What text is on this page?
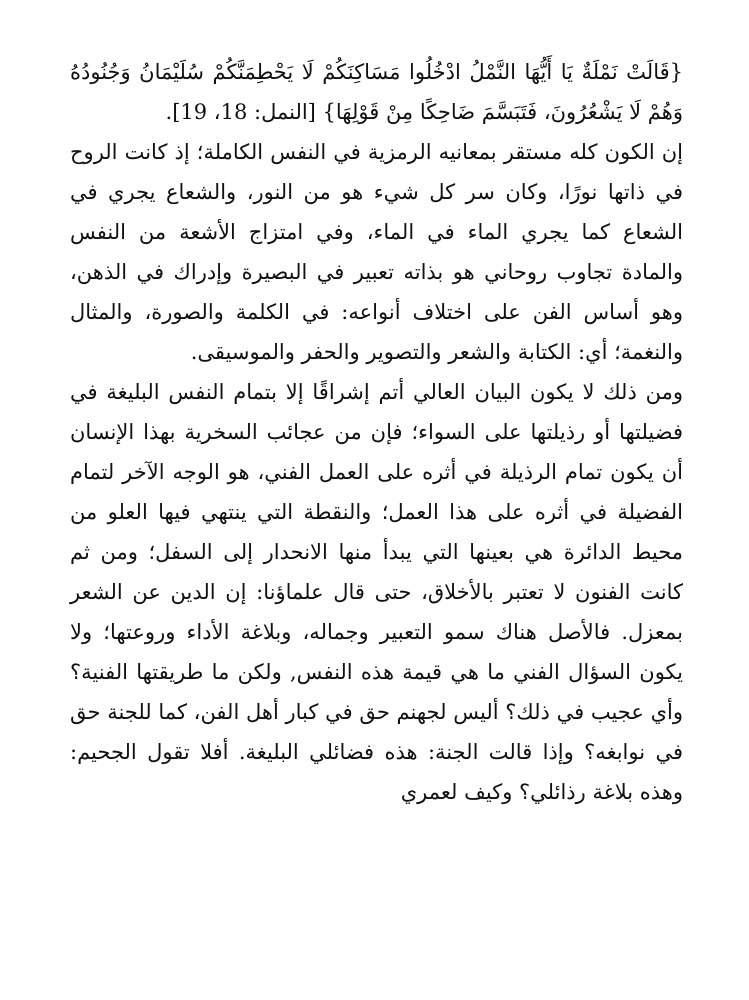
{قَالَتْ نَمْلَةٌ يَا أَيُّهَا النَّمْلُ ادْخُلُوا مَسَاكِنَكُمْ لَا يَحْطِمَنَّكُمْ سُلَيْمَانُ وَجُنُودُهُ وَهُمْ لَا يَشْعُرُونَ، فَتَبَسَّمَ ضَاحِكًا مِنْ قَوْلِهَا} [النمل: 18، 19].

إن الكون كله مستقر بمعانيه الرمزية في النفس الكاملة؛ إذ كانت الروح في ذاتها نورًا، وكان سر كل شيء هو من النور، والشعاع يجري في الشعاع كما يجري الماء في الماء، وفي امتزاج الأشعة من النفس والمادة تجاوب روحاني هو بذاته تعبير في البصيرة وإدراك في الذهن، وهو أساس الفن على اختلاف أنواعه: في الكلمة والصورة، والمثال والنغمة؛ أي: الكتابة والشعر والتصوير والحفر والموسيقى.

ومن ذلك لا يكون البيان العالي أتم إشراقًا إلا بتمام النفس البليغة في فضيلتها أو رذيلتها على السواء؛ فإن من عجائب السخرية بهذا الإنسان أن يكون تمام الرذيلة في أثره على العمل الفني، هو الوجه الآخر لتمام الفضيلة في أثره على هذا العمل؛ والنقطة التي ينتهي فيها العلو من محيط الدائرة هي بعينها التي يبدأ منها الانحدار إلى السفل؛ ومن ثم كانت الفنون لا تعتبر بالأخلاق، حتى قال علماؤنا: إن الدين عن الشعر بمعزل. فالأصل هناك سمو التعبير وجماله، وبلاغة الأداء وروعتها؛ ولا يكون السؤال الفني ما هي قيمة هذه النفس, ولكن ما طريقتها الفنية؟ وأي عجيب في ذلك؟ أليس لجهنم حق في كبار أهل الفن، كما للجنة حق في نوابغه؟ وإذا قالت الجنة: هذه فضائلي البليغة. أفلا تقول الجحيم: وهذه بلاغة رذائلي؟ وكيف لعمري
